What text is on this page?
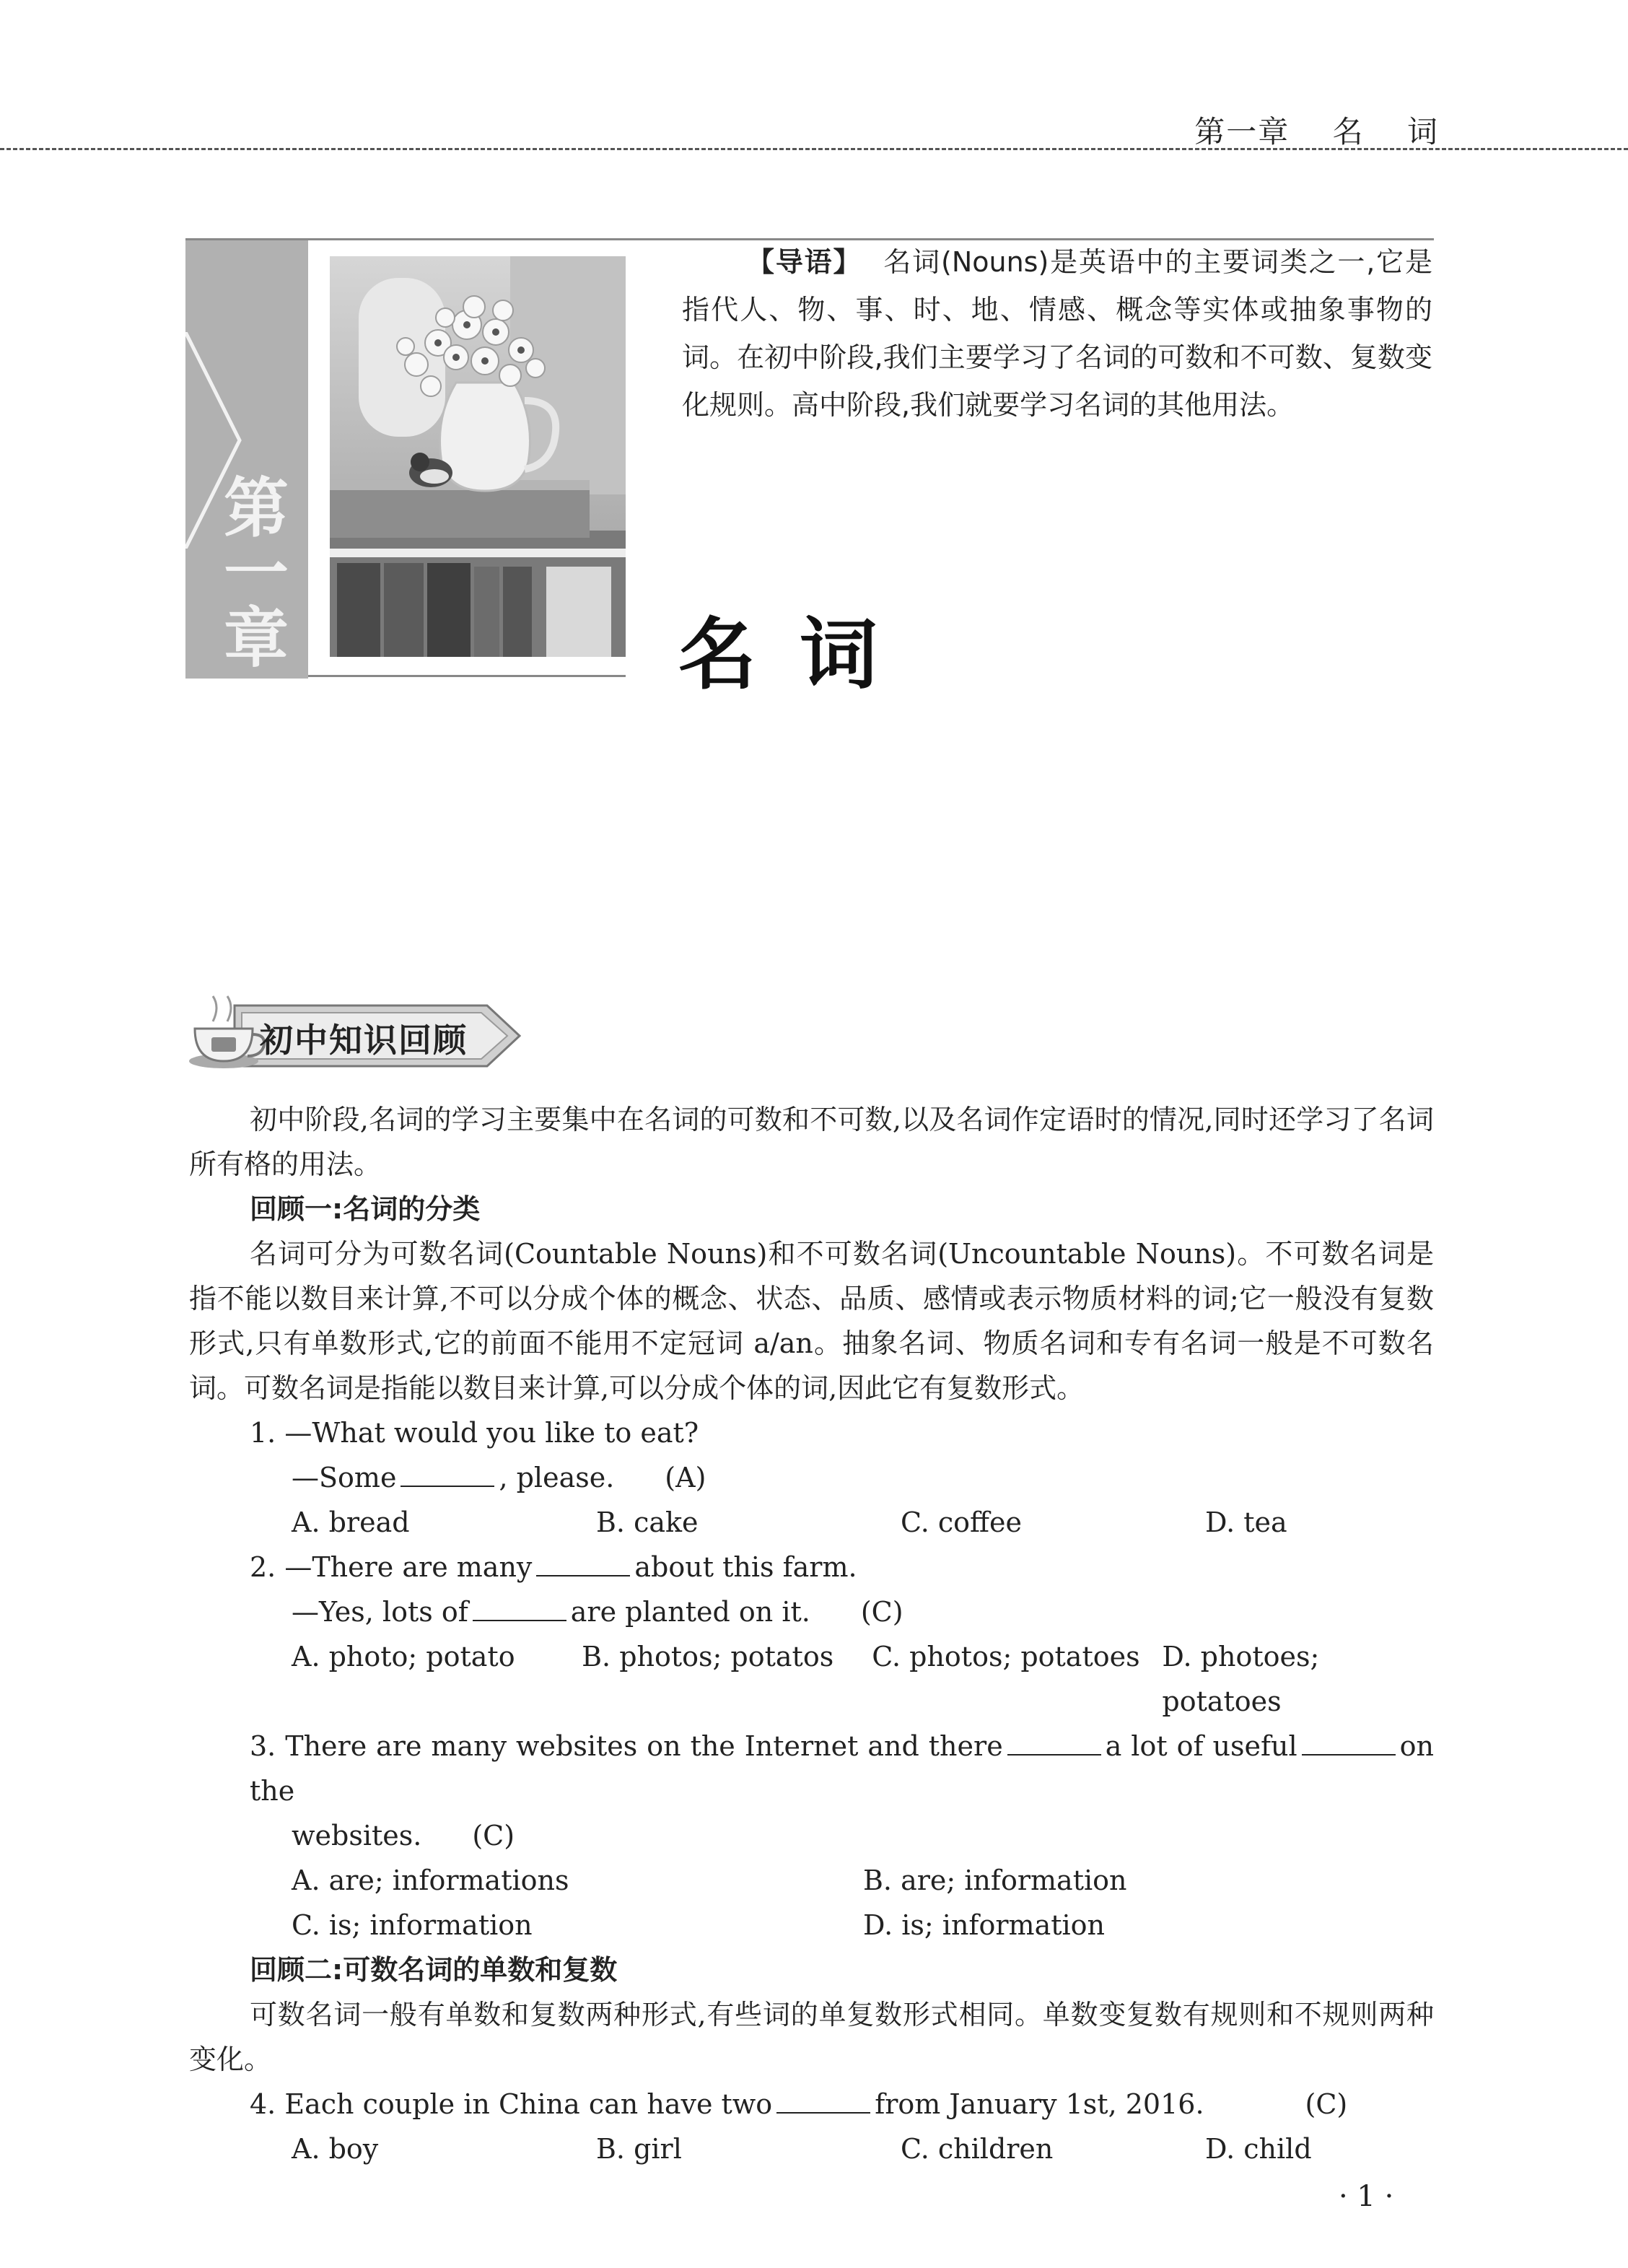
第一章 名 词
第
一
章
【导语】 名词(Nouns)是英语中的主要词类之一,它是指代人、物、事、时、地、情感、概念等实体或抽象事物的词。在初中阶段,我们主要学习了名词的可数和不可数、复数变化规则。高中阶段,我们就要学习名词的其他用法。
名词
初中知识回顾

初中阶段,名词的学习主要集中在名词的可数和不可数,以及名词作定语时的情况,同时还学习了名词所有格的用法。

回顾一:名词的分类

名词可分为可数名词(Countable Nouns)和不可数名词(Uncountable Nouns)。不可数名词是指不能以数目来计算,不可以分成个体的概念、状态、品质、感情或表示物质材料的词;它一般没有复数形式,只有单数形式,它的前面不能用不定冠词 a/an。抽象名词、物质名词和专有名词一般是不可数名词。可数名词是指能以数目来计算,可以分成个体的词,因此它有复数形式。

1. —What would you like to eat?

—Some	, please. (A)

A. bread	B. cake	C. coffee	D. tea

2. —There are many	about this farm.

—Yes, lots of	are planted on it. (C)

A. photo; potato	B. photos; potatos	C. photos; potatoes D. photoes; potatoes

3. There are many websites on the Internet and there	a lot of useful	on the

websites. (C)

A. are; informations	B. are; information
C. is; information	D. is; information

回顾二:可数名词的单数和复数

可数名词一般有单数和复数两种形式,有些词的单复数形式相同。单数变复数有规则和不规则两种变化。

4. Each couple in China can have two	from January 1st, 2016.	(C)

A. boy	B. girl	C. children	D. child
· 1 ·
